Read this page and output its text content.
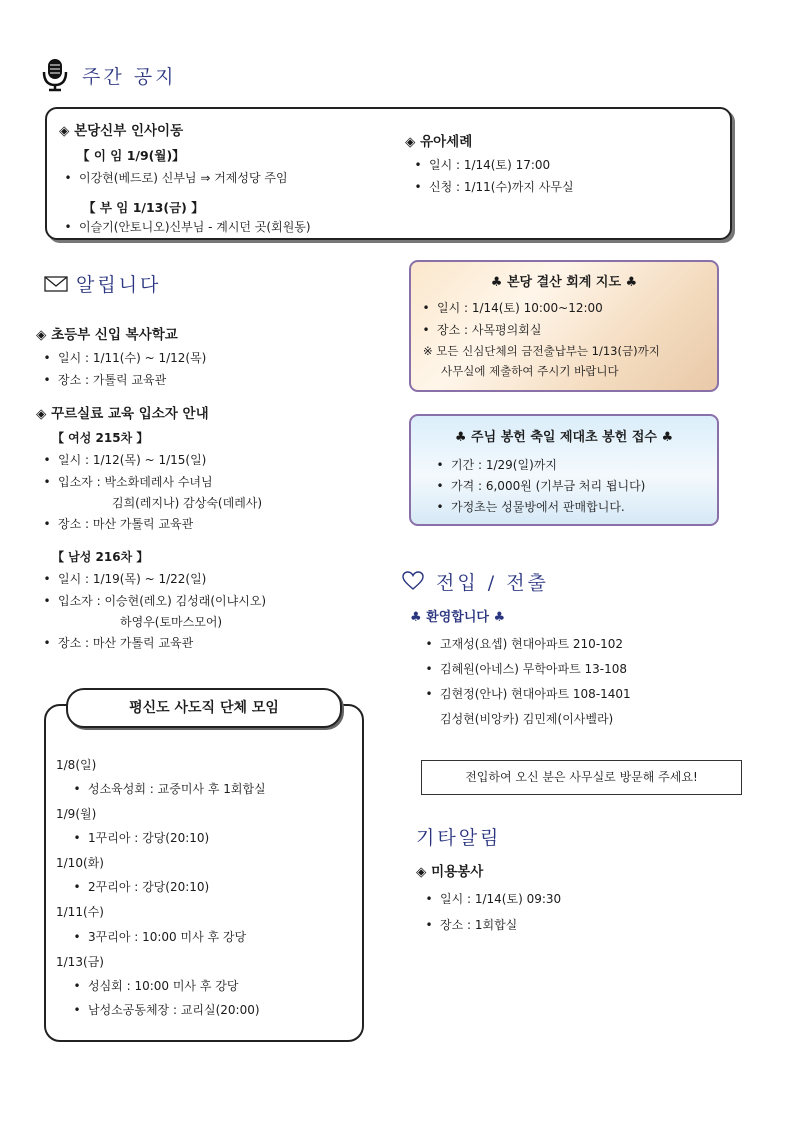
주간 공지
◈ 본당신부 인사이동
【 이 임 1/9(월)】
• 이강현(베드로) 신부님 ⇒ 거제성당 주임
【 부 임 1/13(금) 】
• 이슬기(안토니오)신부님 - 계시던 곳(회원동)
◈ 유아세례
• 일시 : 1/14(토) 17:00
• 신청 : 1/11(수)까지 사무실
알립니다
◈ 초등부 신입 복사학교
• 일시 : 1/11(수) ~ 1/12(목)
• 장소 : 가톨릭 교육관
◈ 꾸르실료 교육 입소자 안내
【 여성 215차 】
• 일시 : 1/12(목) ~ 1/15(일)
• 입소자 : 박소화데레사 수녀님
김희(레지나) 감상숙(데레사)
• 장소 : 마산 가톨릭 교육관
【 남성 216차 】
• 일시 : 1/19(목) ~ 1/22(일)
• 입소자 : 이승현(레오) 김성래(이냐시오)
하영우(토마스모어)
• 장소 : 마산 가톨릭 교육관
평신도 사도직 단체 모임
1/8(일)
• 성소육성회 : 교중미사 후 1회합실
1/9(월)
• 1꾸리아 : 강당(20:10)
1/10(화)
• 2꾸리아 : 강당(20:10)
1/11(수)
• 3꾸리아 : 10:00 미사 후 강당
1/13(금)
• 성심회 : 10:00 미사 후 강당
• 남성소공동체장 : 교리실(20:00)
♣ 본당 결산 회계 지도 ♣
• 일시 : 1/14(토) 10:00~12:00
• 장소 : 사목평의회실
※ 모든 신심단체의 금전출납부는 1/13(금)까지
사무실에 제출하여 주시기 바랍니다
♣ 주님 봉헌 축일 제대초 봉헌 접수 ♣
• 기간 : 1/29(일)까지
• 가격 : 6,000원 (기부금 처리 됩니다)
• 가정초는 성물방에서 판매합니다.
전입 / 전출
♣ 환영합니다 ♣
• 고재성(요셉) 현대아파트 210-102
• 김혜원(아네스) 무학아파트 13-108
• 김현정(안나) 현대아파트 108-1401
김성현(비앙카) 김민제(이사벨라)
전입하여 오신 분은 사무실로 방문해 주세요!
기타알림
◈ 미용봉사
• 일시 : 1/14(토) 09:30
• 장소 : 1회합실
